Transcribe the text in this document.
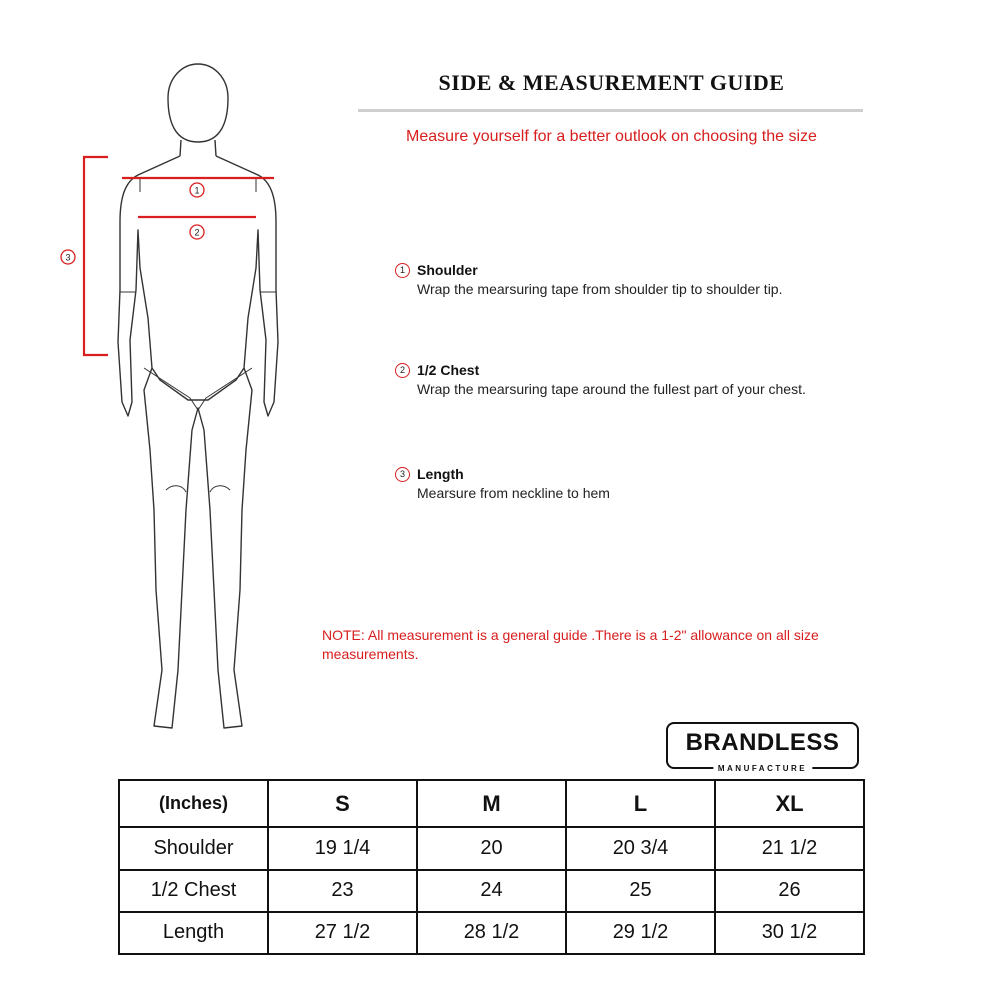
1
2
3
SIDE & MEASUREMENT GUIDE
Measure yourself for a better outlook on choosing the size
1 Shoulder
Wrap the mearsuring tape from shoulder tip to shoulder tip.
2 1/2 Chest
Wrap the mearsuring tape around the fullest part of your chest.
3 Length
Mearsure from neckline to hem
NOTE: All measurement is a general guide .There is a 1-2" allowance on all size measurements.
BRANDLESS
MANUFACTURE
(Inches)	S	M	L	XL
Shoulder	19 1/4	20	20 3/4	21 1/2
1/2 Chest	23	24	25	26
Length	27 1/2	28 1/2	29 1/2	30 1/2
